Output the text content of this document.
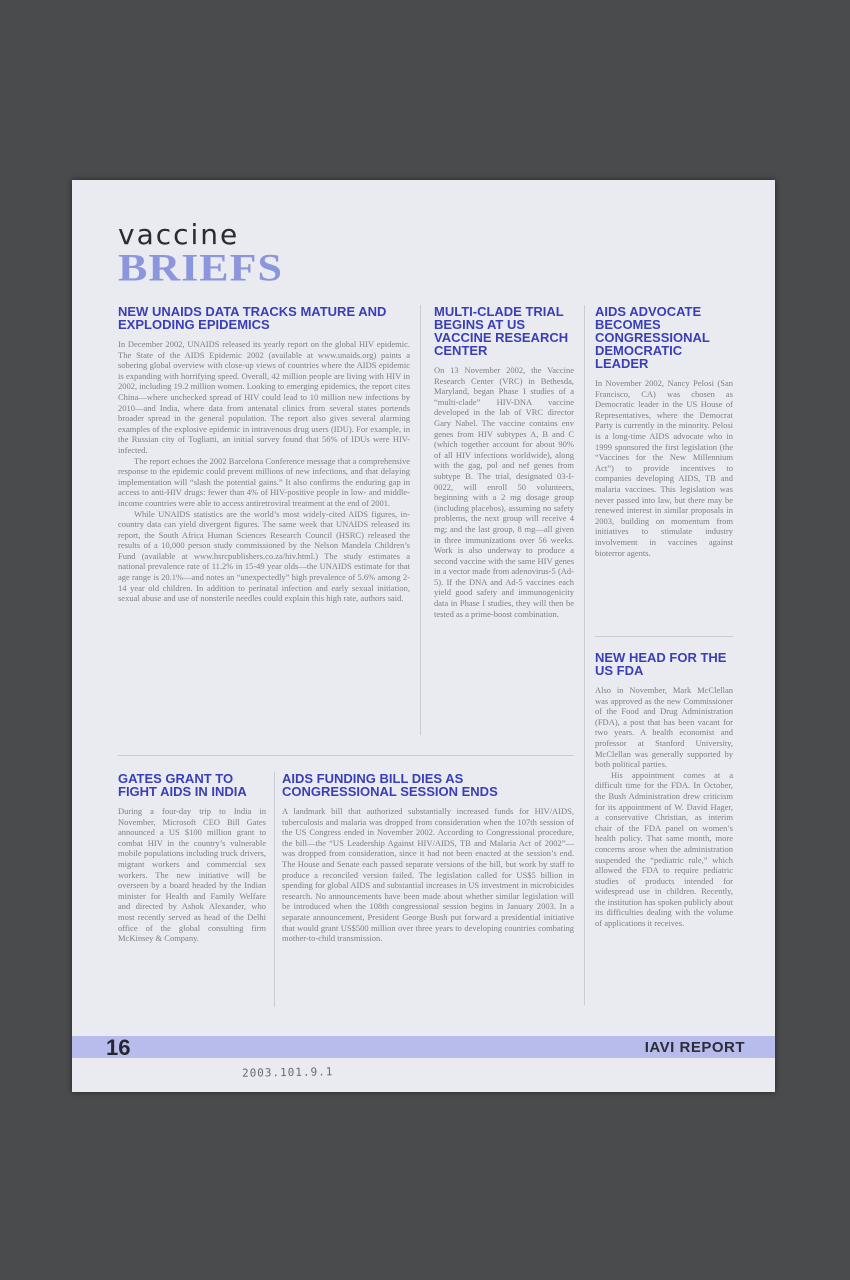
vaccine
BRIEFS
NEW UNAIDS DATA TRACKS MATURE AND EXPLODING EPIDEMICS

In December 2002, UNAIDS released its yearly report on the global HIV epidemic. The State of the AIDS Epidemic 2002 (available at www.unaids.org) paints a sobering global overview with close-up views of countries where the AIDS epidemic is expanding with horrifying speed. Overall, 42 million people are living with HIV in 2002, including 19.2 million women. Looking to emerging epidemics, the report cites China—where unchecked spread of HIV could lead to 10 million new infections by 2010—and India, where data from antenatal clinics from several states portends broader spread in the general population. The report also gives several alarming examples of the explosive epidemic in intravenous drug users (IDU). For example, in the Russian city of Togliatti, an initial survey found that 56% of IDUs were HIV-infected.

The report echoes the 2002 Barcelona Conference message that a comprehensive response to the epidemic could prevent millions of new infections, and that delaying implementation will “slash the potential gains.” It also confirms the enduring gap in access to anti-HIV drugs: fewer than 4% of HIV-positive people in low- and middle-income countries were able to access antiretroviral treatment at the end of 2001.

While UNAIDS statistics are the world’s most widely-cited AIDS figures, in-country data can yield divergent figures. The same week that UNAIDS released its report, the South Africa Human Sciences Research Council (HSRC) released the results of a 10,000 person study commissioned by the Nelson Mandela Children’s Fund (available at www.hsrcpublishers.co.za/hiv.html.) The study estimates a national prevalence rate of 11.2% in 15-49 year olds—the UNAIDS estimate for that age range is 20.1%—and notes an “unexpectedly” high prevalence of 5.6% among 2-14 year old children. In addition to perinatal infection and early sexual initiation, sexual abuse and use of nonsterile needles could explain this high rate, authors said.

MULTI-CLADE TRIAL BEGINS AT US VACCINE RESEARCH CENTER

On 13 November 2002, the Vaccine Research Center (VRC) in Bethesda, Maryland, began Phase I studies of a “multi-clade” HIV-DNA vaccine developed in the lab of VRC director Gary Nabel. The vaccine contains env genes from HIV subtypes A, B and C (which together account for about 90% of all HIV infections worldwide), along with the gag, pol and nef genes from subtype B. The trial, designated 03-I-0022, will enroll 50 volunteers, beginning with a 2 mg dosage group (including placebos), assuming no safety problems, the next group will receive 4 mg; and the last group, 8 mg—all given in three immunizations over 56 weeks. Work is also underway to produce a second vaccine with the same HIV genes in a vector made from adenovirus-5 (Ad-5). If the DNA and Ad-5 vaccines each yield good safety and immunogenicity data in Phase I studies, they will then be tested as a prime-boost combination.

AIDS ADVOCATE BECOMES CONGRESSIONAL DEMOCRATIC LEADER

In November 2002, Nancy Pelosi (San Francisco, CA) was chosen as Democratic leader in the US House of Representatives, where the Democrat Party is currently in the minority. Pelosi is a long-time AIDS advocate who in 1999 sponsored the first legislation (the “Vaccines for the New Millennium Act”) to provide incentives to companies developing AIDS, TB and malaria vaccines. This legislation was never passed into law, but there may be renewed interest in similar proposals in 2003, building on momentum from initiatives to stimulate industry involvement in vaccines against bioterror agents.

NEW HEAD FOR THE US FDA

Also in November, Mark McClellan was approved as the new Commissioner of the Food and Drug Administration (FDA), a post that has been vacant for two years. A health economist and professor at Stanford University, McClellan was generally supported by both political parties.

His appointment comes at a difficult time for the FDA. In October, the Bush Administration drew criticism for its appointment of W. David Hager, a conservative Christian, as interim chair of the FDA panel on women’s health policy. That same month, more concerns arose when the administration suspended the “pediatric rule,” which allowed the FDA to require pediatric studies of products intended for widespread use in children. Recently, the institution has spoken publicly about its difficulties dealing with the volume of applications it receives.

GATES GRANT TO FIGHT AIDS IN INDIA

During a four-day trip to India in November, Microsoft CEO Bill Gates announced a US $100 million grant to combat HIV in the country’s vulnerable mobile populations including truck drivers, migrant workers and commercial sex workers. The new initiative will be overseen by a board headed by the Indian minister for Health and Family Welfare and directed by Ashok Alexander, who most recently served as head of the Delhi office of the global consulting firm McKinsey & Company.

AIDS FUNDING BILL DIES AS CONGRESSIONAL SESSION ENDS

A landmark bill that authorized substantially increased funds for HIV/AIDS, tuberculosis and malaria was dropped from consideration when the 107th session of the US Congress ended in November 2002. According to Congressional procedure, the bill—the “US Leadership Against HIV/AIDS, TB and Malaria Act of 2002”—was dropped from consideration, since it had not been enacted at the session’s end. The House and Senate each passed separate versions of the bill, but work by staff to produce a reconciled version failed. The legislation called for US$5 billion in spending for global AIDS and substantial increases in US investment in microbicides research. No announcements have been made about whether similar legislation will be introduced when the 108th congressional session begins in January 2003. In a separate announcement, President George Bush put forward a presidential initiative that would grant US$500 million over three years to developing countries combating mother-to-child transmission.

16	IAVI REPORT
2003.101.9.1
